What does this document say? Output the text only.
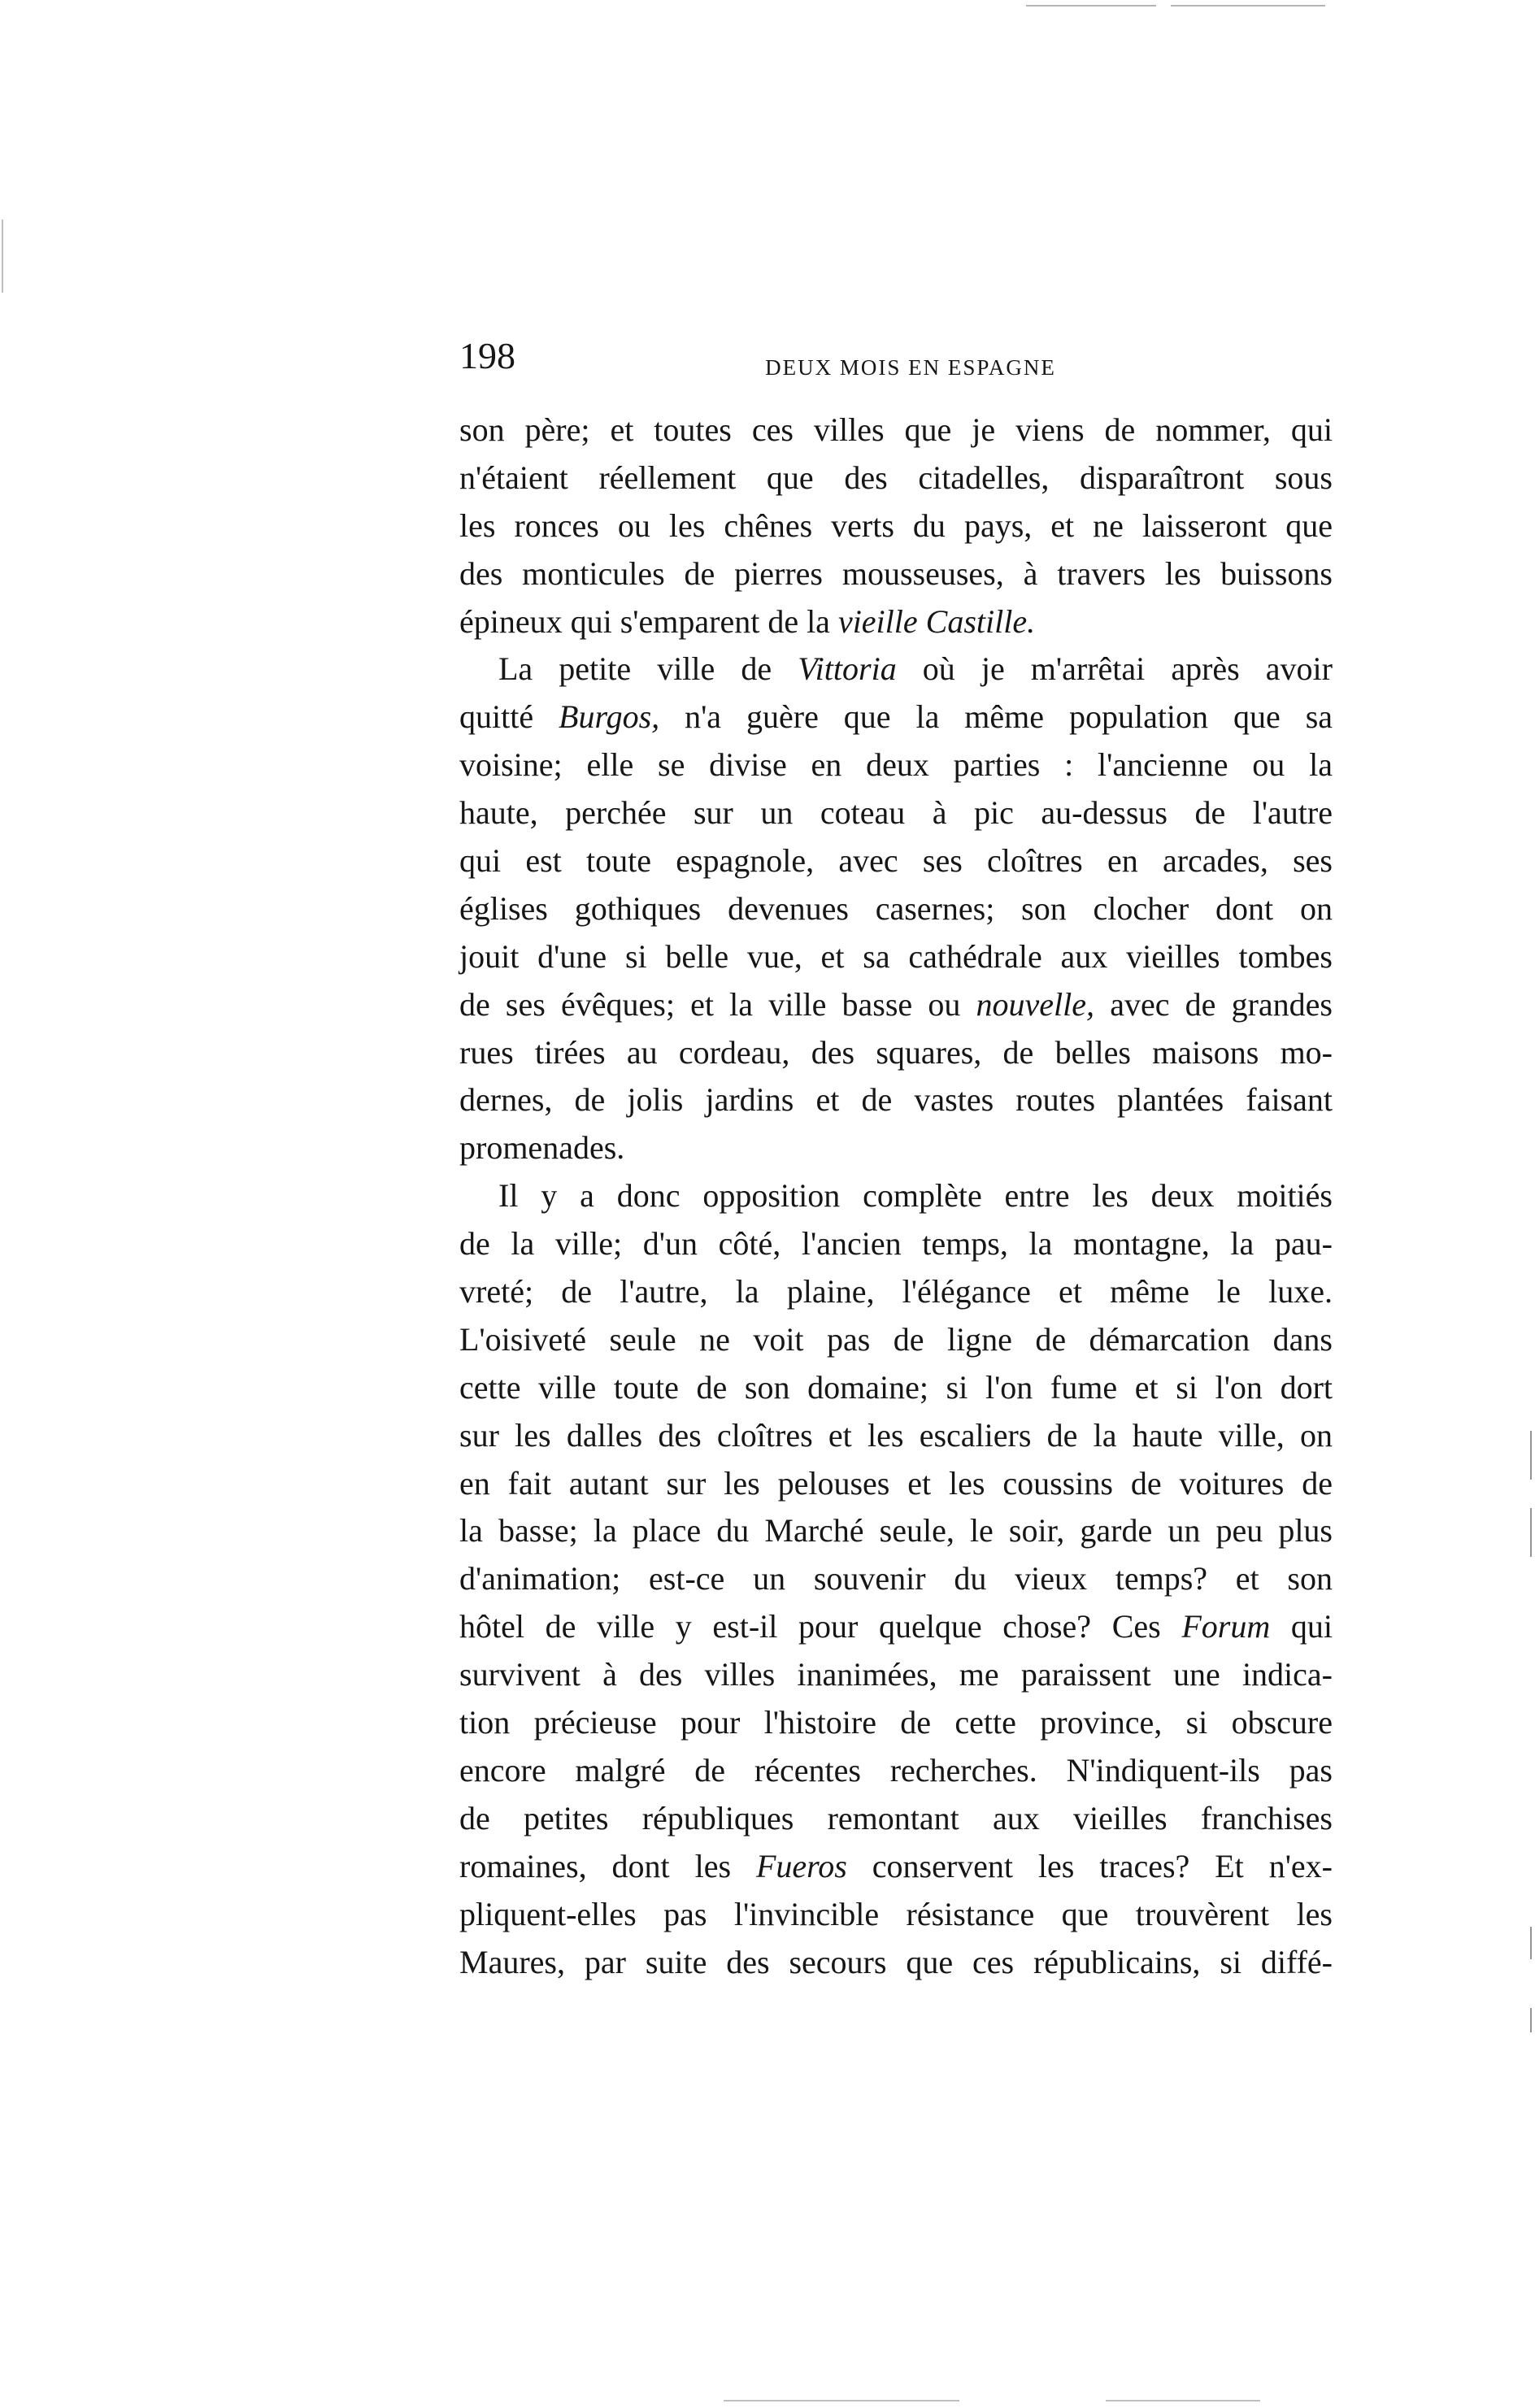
198	DEUX MOIS EN ESPAGNE
son père; et toutes ces villes que je viens de nommer, qui
n'étaient réellement que des citadelles, disparaîtront sous
les ronces ou les chênes verts du pays, et ne laisseront que
des monticules de pierres mousseuses, à travers les buissons
épineux qui s'emparent de la vieille Castille.
La petite ville de Vittoria où je m'arrêtai après avoir
quitté Burgos, n'a guère que la même population que sa
voisine; elle se divise en deux parties : l'ancienne ou la
haute, perchée sur un coteau à pic au-dessus de l'autre
qui est toute espagnole, avec ses cloîtres en arcades, ses
églises gothiques devenues casernes; son clocher dont on
jouit d'une si belle vue, et sa cathédrale aux vieilles tombes
de ses évêques; et la ville basse ou nouvelle, avec de grandes
rues tirées au cordeau, des squares, de belles maisons mo-
dernes, de jolis jardins et de vastes routes plantées faisant
promenades.
Il y a donc opposition complète entre les deux moitiés
de la ville; d'un côté, l'ancien temps, la montagne, la pau-
vreté; de l'autre, la plaine, l'élégance et même le luxe.
L'oisiveté seule ne voit pas de ligne de démarcation dans
cette ville toute de son domaine; si l'on fume et si l'on dort
sur les dalles des cloîtres et les escaliers de la haute ville, on
en fait autant sur les pelouses et les coussins de voitures de
la basse; la place du Marché seule, le soir, garde un peu plus
d'animation; est-ce un souvenir du vieux temps? et son
hôtel de ville y est-il pour quelque chose? Ces Forum qui
survivent à des villes inanimées, me paraissent une indica-
tion précieuse pour l'histoire de cette province, si obscure
encore malgré de récentes recherches. N'indiquent-ils pas
de petites républiques remontant aux vieilles franchises
romaines, dont les Fueros conservent les traces? Et n'ex-
pliquent-elles pas l'invincible résistance que trouvèrent les
Maures, par suite des secours que ces républicains, si diffé-
